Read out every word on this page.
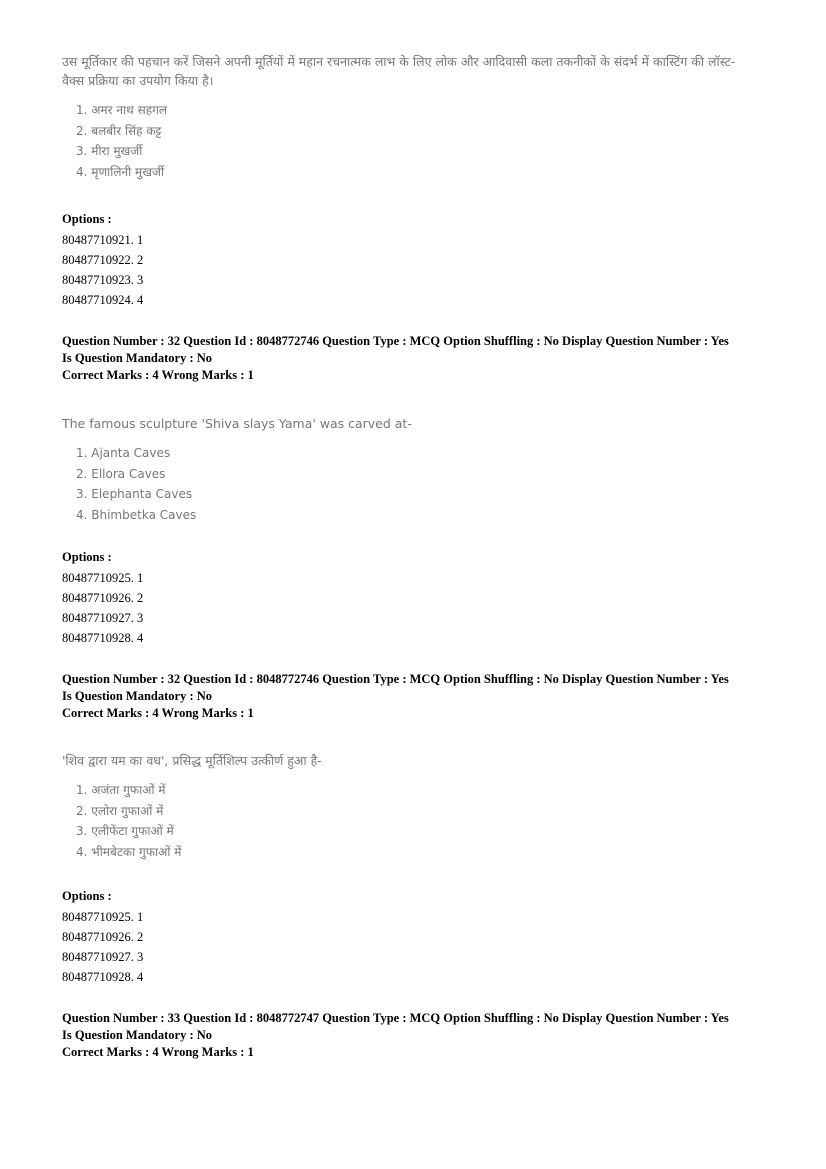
उस मूर्तिकार की पहचान करें जिसने अपनी मूर्तियों में महान रचनात्मक लाभ के लिए लोक और आदिवासी कला तकनीकों के संदर्भ में कास्टिंग की लॉस्ट-वैक्स प्रक्रिया का उपयोग किया है।

1. अमर नाथ सहगल
2. बलबीर सिंह कट्ट
3. मीरा मुखर्जी
4. मृणालिनी मुखर्जी
Options :
80487710921. 1
80487710922. 2
80487710923. 3
80487710924. 4
Question Number : 32 Question Id : 8048772746 Question Type : MCQ Option Shuffling : No Display Question Number : Yes
Is Question Mandatory : No
Correct Marks : 4 Wrong Marks : 1

The famous sculpture 'Shiva slays Yama' was carved at-

1. Ajanta Caves
2. Ellora Caves
3. Elephanta Caves
4. Bhimbetka Caves
Options :
80487710925. 1
80487710926. 2
80487710927. 3
80487710928. 4
Question Number : 32 Question Id : 8048772746 Question Type : MCQ Option Shuffling : No Display Question Number : Yes
Is Question Mandatory : No
Correct Marks : 4 Wrong Marks : 1

'शिव द्वारा यम का वध', प्रसिद्ध मूर्तिशिल्प उत्कीर्ण हुआ है-

1. अजंता गुफाओं में
2. एलोरा गुफाओं में
3. एलीफेंटा गुफाओं में
4. भीमबेटका गुफाओं में
Options :
80487710925. 1
80487710926. 2
80487710927. 3
80487710928. 4
Question Number : 33 Question Id : 8048772747 Question Type : MCQ Option Shuffling : No Display Question Number : Yes
Is Question Mandatory : No
Correct Marks : 4 Wrong Marks : 1
